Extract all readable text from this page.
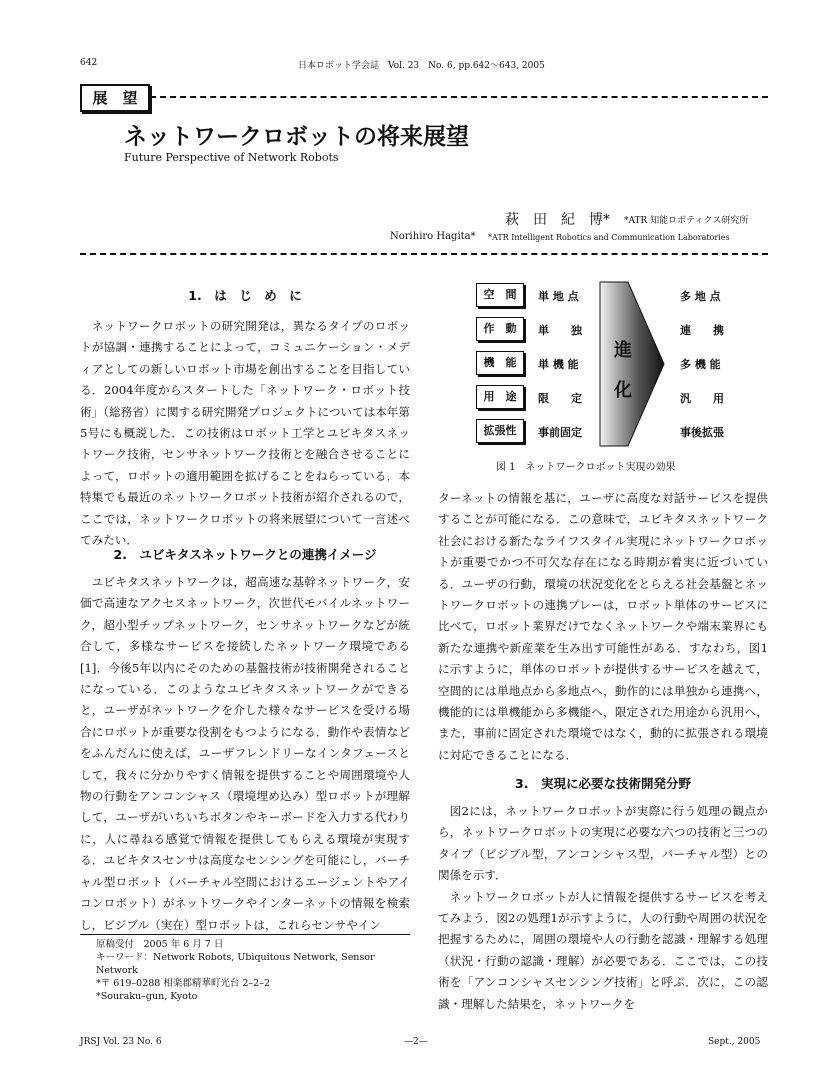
642	日本ロボット学会誌　Vol. 23　No. 6, pp.642～643, 2005
展　望
ネットワークロボットの将来展望
Future Perspective of Network Robots
萩　田　紀　博* *ATR 知能ロボティクス研究所
Norihiro Hagita* *ATR Intelligent Robotics and Communication Laboratories
1.　は　じ　め　に

ネットワークロボットの研究開発は，異なるタイプのロボットが協調・連携することによって，コミュニケーション・メディアとしての新しいロボット市場を創出することを目指している．2004年度からスタートした「ネットワーク・ロボット技術」（総務省）に関する研究開発プロジェクトについては本年第5号にも概説した．この技術はロボット工学とユビキタスネットワーク技術，センサネットワーク技術とを融合させることによって，ロボットの適用範囲を拡げることをねらっている．本特集でも最近のネットワークロボット技術が紹介されるので，ここでは，ネットワークロボットの将来展望について一言述べてみたい．

2.　ユビキタスネットワークとの連携イメージ

ユビキタスネットワークは，超高速な基幹ネットワーク，安価で高速なアクセスネットワーク，次世代モバイルネットワーク，超小型チップネットワーク，センサネットワークなどが統合して，多様なサービスを接続したネットワーク環境である [1]．今後5年以内にそのための基盤技術が技術開発されることになっている．このようなユビキタスネットワークができると，ユーザがネットワークを介した様々なサービスを受ける場合にロボットが重要な役割をもつようになる．動作や表情などをふんだんに使えば，ユーザフレンドリーなインタフェースとして，我々に分かりやすく情報を提供することや周囲環境や人物の行動をアンコンシャス（環境埋め込み）型ロボットが理解して，ユーザがいちいちボタンやキーボードを入力する代わりに，人に尋ねる感覚で情報を提供してもらえる環境が実現する．ユビキタスセンサは高度なセンシングを可能にし，バーチャル型ロボット（バーチャル空間におけるエージェントやアイコンロボット）がネットワークやインターネットの情報を検索し，ビジブル（実在）型ロボットは，これらセンサやイン

空　間
作　動
機　能
用　途
拡張性
単 地 点
単　　独
単 機 能
限　　定
事前固定
進
化
多 地 点
連　　携
多 機 能
汎　　用
事後拡張
図 1　ネットワークロボット実現の効果

ターネットの情報を基に，ユーザに高度な対話サービスを提供することが可能になる．この意味で，ユビキタスネットワーク社会における新たなライフスタイル実現にネットワークロボットが重要でかつ不可欠な存在になる時期が着実に近づいている．ユーザの行動，環境の状況変化をとらえる社会基盤とネットワークロボットの連携プレーは，ロボット単体のサービスに比べて，ロボット業界だけでなくネットワークや端末業界にも新たな連携や新産業を生み出す可能性がある．すなわち，図1に示すように，単体のロボットが提供するサービスを越えて，空間的には単地点から多地点へ，動作的には単独から連携へ，機能的には単機能から多機能へ，限定された用途から汎用へ，また，事前に固定された環境ではなく，動的に拡張される環境に対応できることになる．

3.　実現に必要な技術開発分野

図2には，ネットワークロボットが実際に行う処理の観点から，ネットワークロボットの実現に必要な六つの技術と三つのタイプ（ビジブル型，アンコンシャス型，バーチャル型）との関係を示す．

ネットワークロボットが人に情報を提供するサービスを考えてみよう．図2の処理1が示すように，人の行動や周囲の状況を把握するために，周囲の環境や人の行動を認識・理解する処理（状況・行動の認識・理解）が必要である．ここでは，この技術を「アンコンシャスセンシング技術」と呼ぶ．次に，この認識・理解した結果を，ネットワークを

原稿受付　2005 年 6 月 7 日
キーワード：Network Robots, Ubiquitous Network, Sensor Network
*〒 619–0288 相楽郡精華町光台 2–2–2
*Souraku–gun, Kyoto
JRSJ Vol. 23 No. 6	—2—	Sept., 2005
